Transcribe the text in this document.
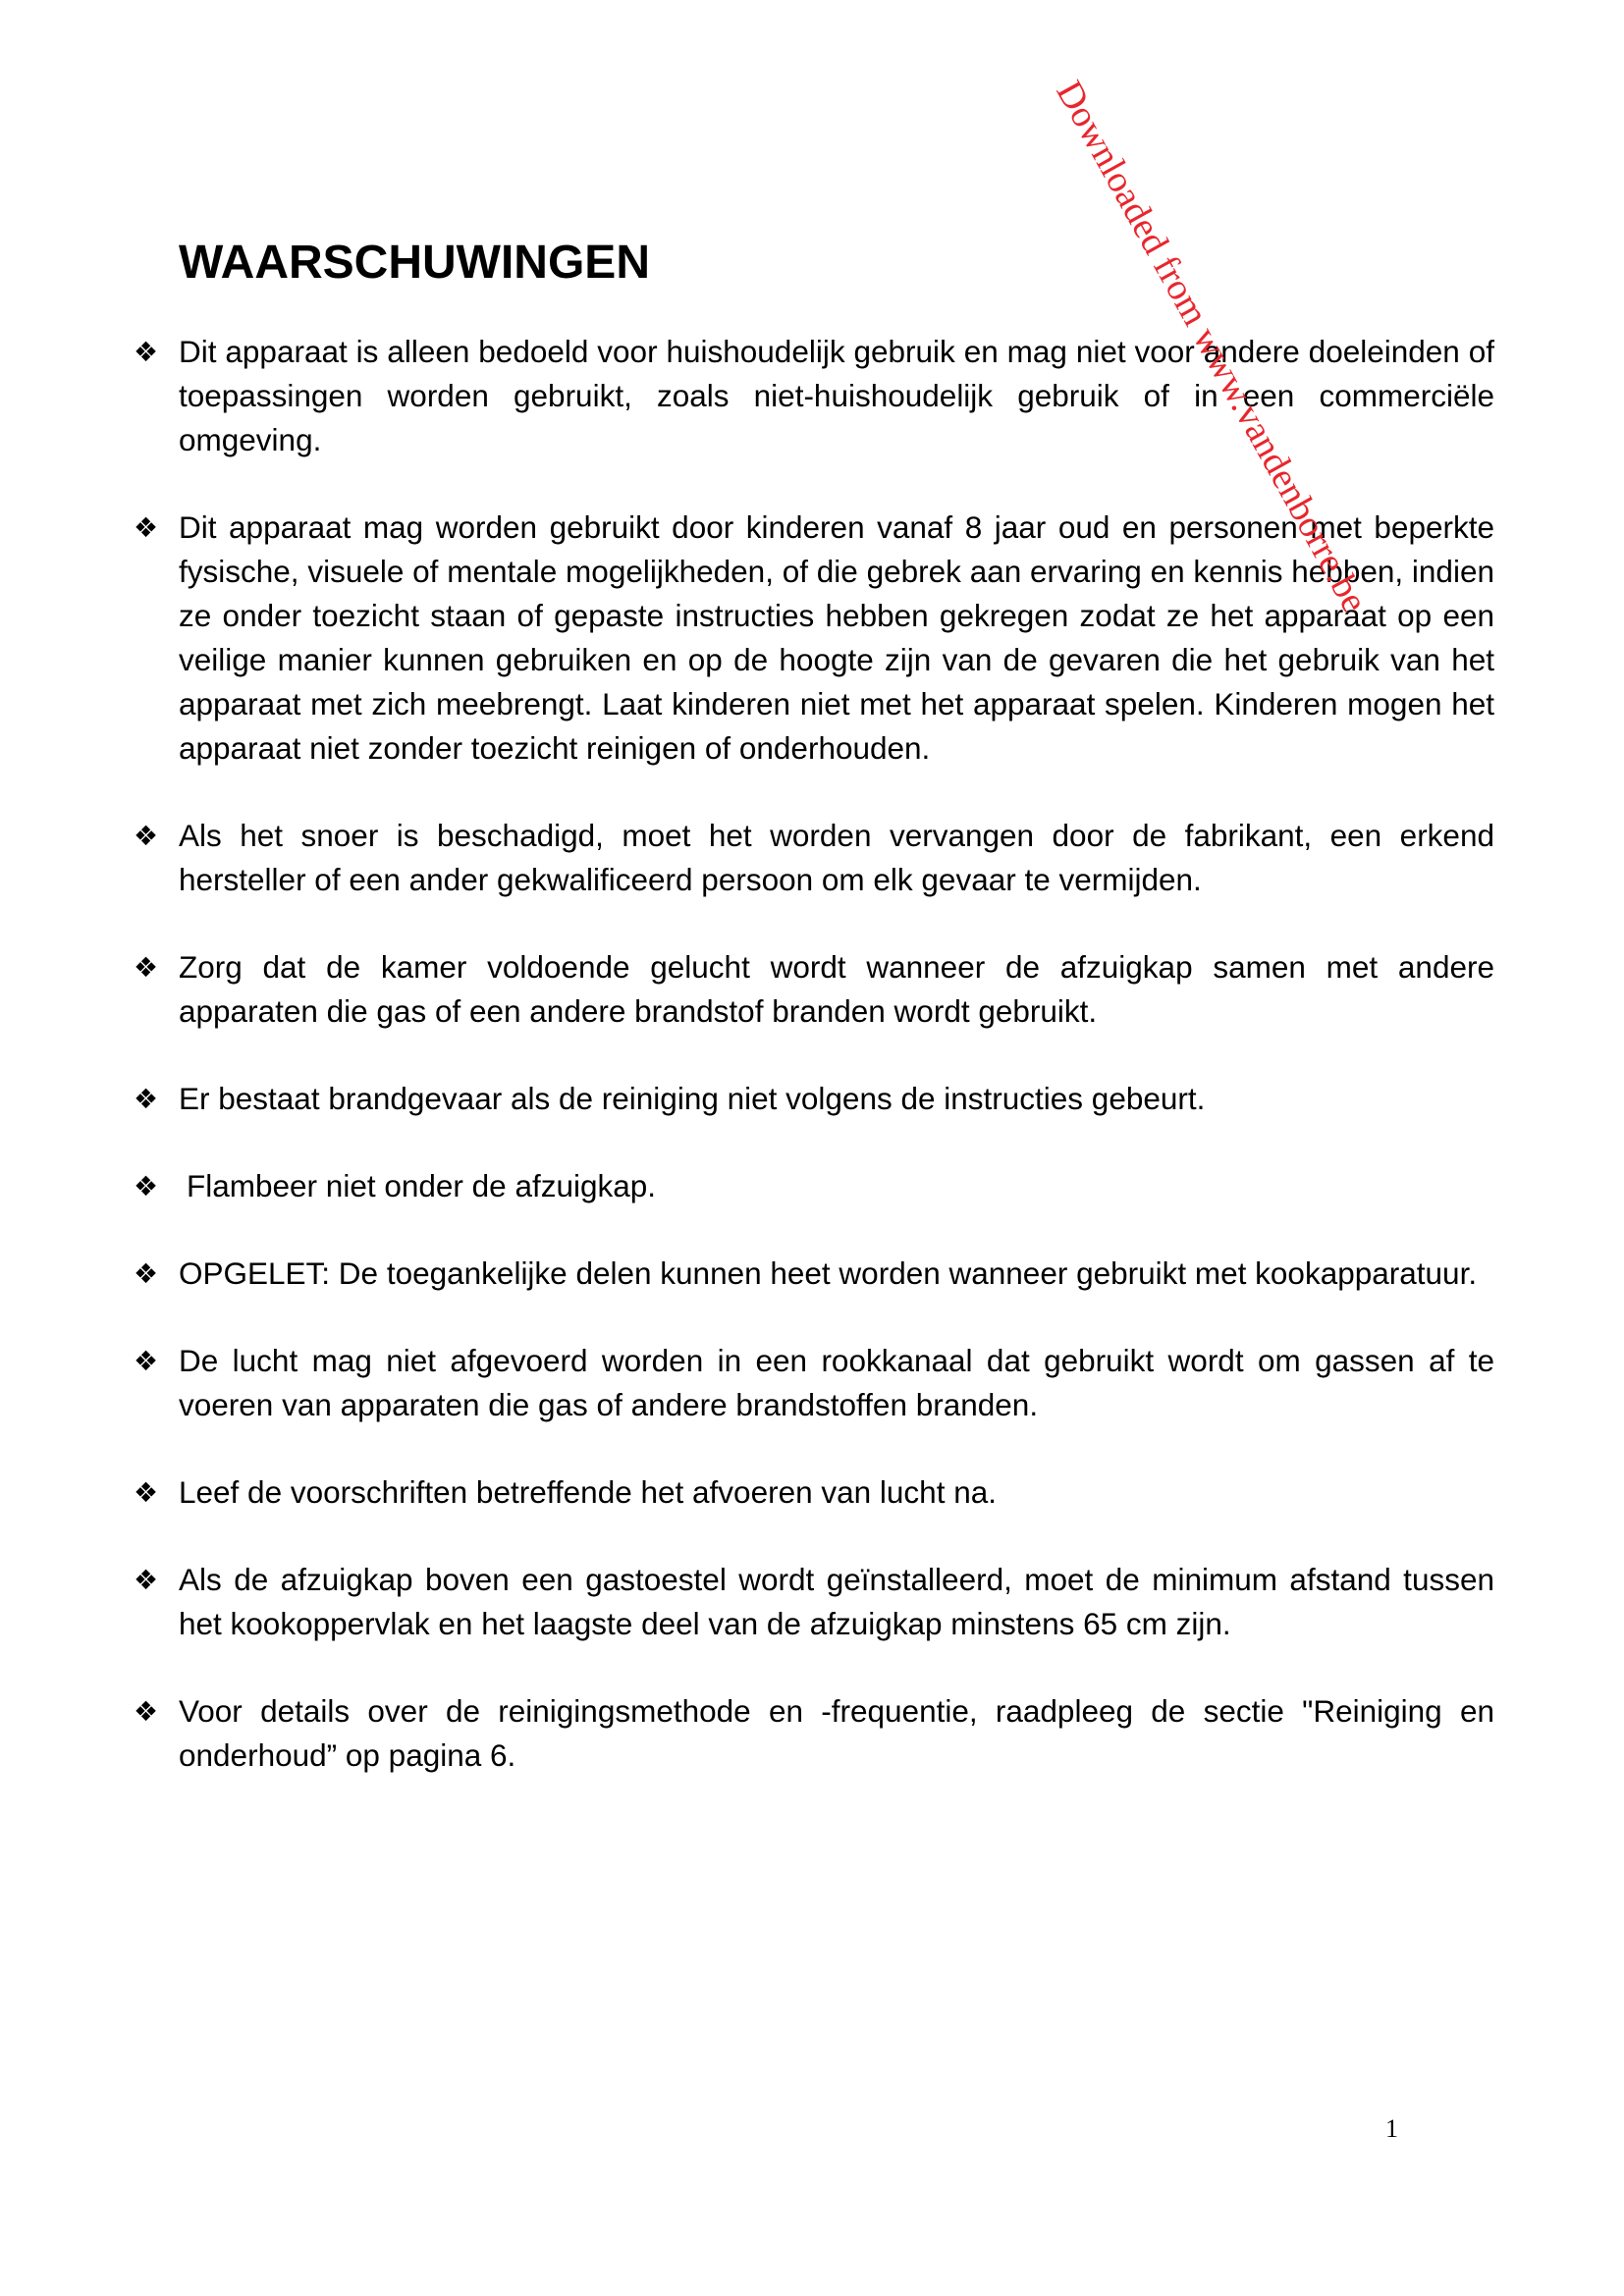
WAARSCHUWINGEN
❖ Dit apparaat is alleen bedoeld voor huishoudelijk gebruik en mag niet voor andere doeleinden of toepassingen worden gebruikt, zoals niet-huishoudelijk gebruik of in een commerciële omgeving.
❖ Dit apparaat mag worden gebruikt door kinderen vanaf 8 jaar oud en personen met beperkte fysische, visuele of mentale mogelijkheden, of die gebrek aan ervaring en kennis hebben, indien ze onder toezicht staan of gepaste instructies hebben gekregen zodat ze het apparaat op een veilige manier kunnen gebruiken en op de hoogte zijn van de gevaren die het gebruik van het apparaat met zich meebrengt. Laat kinderen niet met het apparaat spelen. Kinderen mogen het apparaat niet zonder toezicht reinigen of onderhouden.
❖ Als het snoer is beschadigd, moet het worden vervangen door de fabrikant, een erkend hersteller of een ander gekwalificeerd persoon om elk gevaar te vermijden.
❖ Zorg dat de kamer voldoende gelucht wordt wanneer de afzuigkap samen met andere apparaten die gas of een andere brandstof branden wordt gebruikt.
❖ Er bestaat brandgevaar als de reiniging niet volgens de instructies gebeurt.
❖ Flambeer niet onder de afzuigkap.
❖ OPGELET: De toegankelijke delen kunnen heet worden wanneer gebruikt met kookapparatuur.
❖ De lucht mag niet afgevoerd worden in een rookkanaal dat gebruikt wordt om gassen af te voeren van apparaten die gas of andere brandstoffen branden.
❖ Leef de voorschriften betreffende het afvoeren van lucht na.
❖ Als de afzuigkap boven een gastoestel wordt geïnstalleerd, moet de minimum afstand tussen het kookoppervlak en het laagste deel van de afzuigkap minstens 65 cm zijn.
❖ Voor details over de reinigingsmethode en -frequentie, raadpleeg de sectie "Reiniging en onderhoud” op pagina 6.
Downloaded from www.vandenborre.be
1
